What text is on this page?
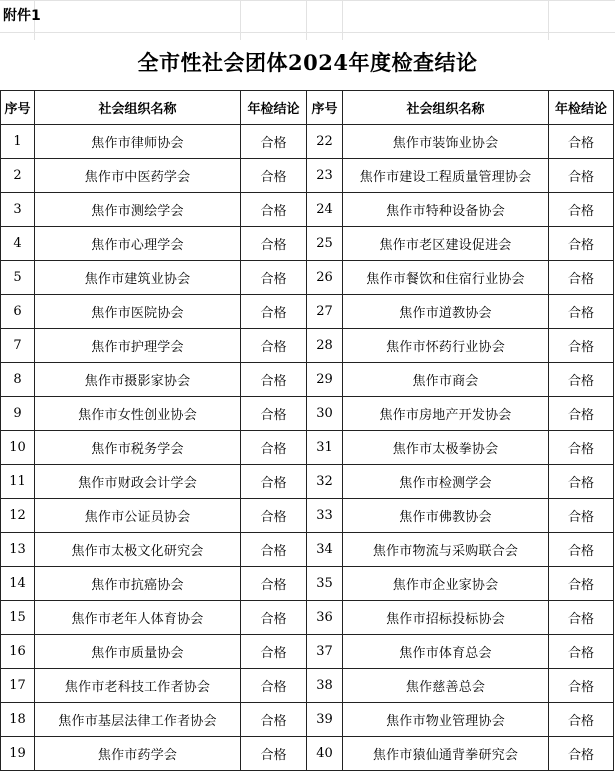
附件1
全市性社会团体2024年度检查结论
序号	社会组织名称	年检结论	序号	社会组织名称	年检结论
1	焦作市律师协会	合格	22	焦作市装饰业协会	合格
2	焦作市中医药学会	合格	23	焦作市建设工程质量管理协会	合格
3	焦作市测绘学会	合格	24	焦作市特种设备协会	合格
4	焦作市心理学会	合格	25	焦作市老区建设促进会	合格
5	焦作市建筑业协会	合格	26	焦作市餐饮和住宿行业协会	合格
6	焦作市医院协会	合格	27	焦作市道教协会	合格
7	焦作市护理学会	合格	28	焦作市怀药行业协会	合格
8	焦作市摄影家协会	合格	29	焦作市商会	合格
9	焦作市女性创业协会	合格	30	焦作市房地产开发协会	合格
10	焦作市税务学会	合格	31	焦作市太极拳协会	合格
11	焦作市财政会计学会	合格	32	焦作市检测学会	合格
12	焦作市公证员协会	合格	33	焦作市佛教协会	合格
13	焦作市太极文化研究会	合格	34	焦作市物流与采购联合会	合格
14	焦作市抗癌协会	合格	35	焦作市企业家协会	合格
15	焦作市老年人体育协会	合格	36	焦作市招标投标协会	合格
16	焦作市质量协会	合格	37	焦作市体育总会	合格
17	焦作市老科技工作者协会	合格	38	焦作慈善总会	合格
18	焦作市基层法律工作者协会	合格	39	焦作市物业管理协会	合格
19	焦作市药学会	合格	40	焦作市猿仙通背拳研究会	合格
